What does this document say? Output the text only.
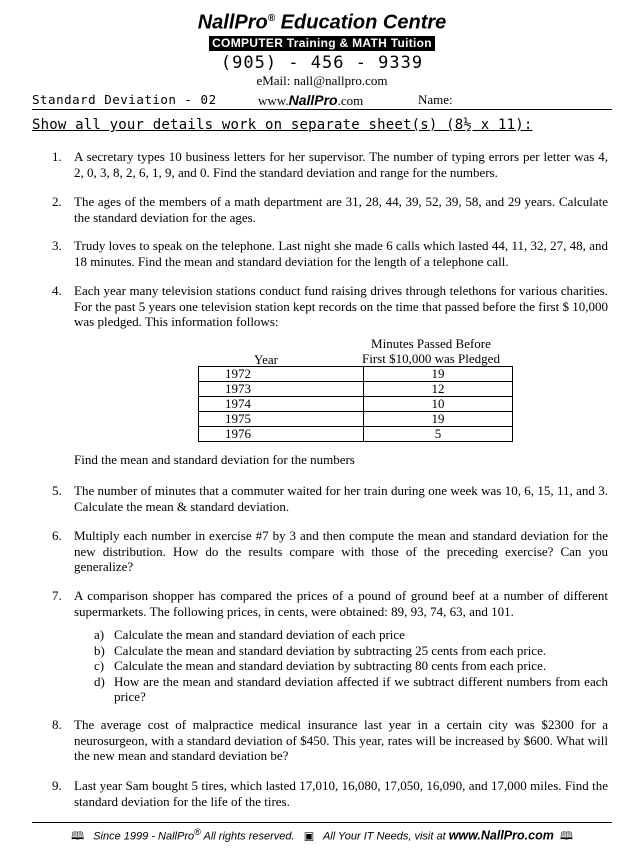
NallPro® Education Centre
COMPUTER Training & MATH Tuition
(905) - 456 - 9339
eMail: nall@nallpro.com
Standard Deviation - 02	www.NallPro.com	Name:
Show all your details work on separate sheet(s) (8½ x 11):
1. A secretary types 10 business letters for her supervisor. The number of typing errors per letter was 4, 2, 0, 3, 8, 2, 6, 1, 9, and 0. Find the standard deviation and range for the numbers.
2. The ages of the members of a math department are 31, 28, 44, 39, 52, 39, 58, and 29 years. Calculate the standard deviation for the ages.
3. Trudy loves to speak on the telephone. Last night she made 6 calls which lasted 44, 11, 32, 27, 48, and 18 minutes. Find the mean and standard deviation for the length of a telephone call.
4. Each year many television stations conduct fund raising drives through telethons for various charities. For the past 5 years one television station kept records on the time that passed before the first $ 10,000 was pledged. This information follows:
Minutes Passed Before
First $10,000 was Pledged
Year
1972	19
1973	12
1974	10
1975	19
1976	5
Find the mean and standard deviation for the numbers
5. The number of minutes that a commuter waited for her train during one week was 10, 6, 15, 11, and 3. Calculate the mean & standard deviation.
6. Multiply each number in exercise #7 by 3 and then compute the mean and standard deviation for the new distribution. How do the results compare with those of the preceding exercise? Can you generalize?
7. A comparison shopper has compared the prices of a pound of ground beef at a number of different supermarkets. The following prices, in cents, were obtained: 89, 93, 74, 63, and 101.
a) Calculate the mean and standard deviation of each price
b) Calculate the mean and standard deviation by subtracting 25 cents from each price.
c) Calculate the mean and standard deviation by subtracting 80 cents from each price.
d) How are the mean and standard deviation affected if we subtract different numbers from each price?
8. The average cost of malpractice medical insurance last year in a certain city was $2300 for a neurosurgeon, with a standard deviation of $450. This year, rates will be increased by $600. What will the new mean and standard deviation be?
9. Last year Sam bought 5 tires, which lasted 17,010, 16,080, 17,050, 16,090, and 17,000 miles. Find the standard deviation for the life of the tires.
🕮 Since 1999 - NallPro® All rights reserved. ▣ All Your IT Needs, visit at www.NallPro.com 🕮
